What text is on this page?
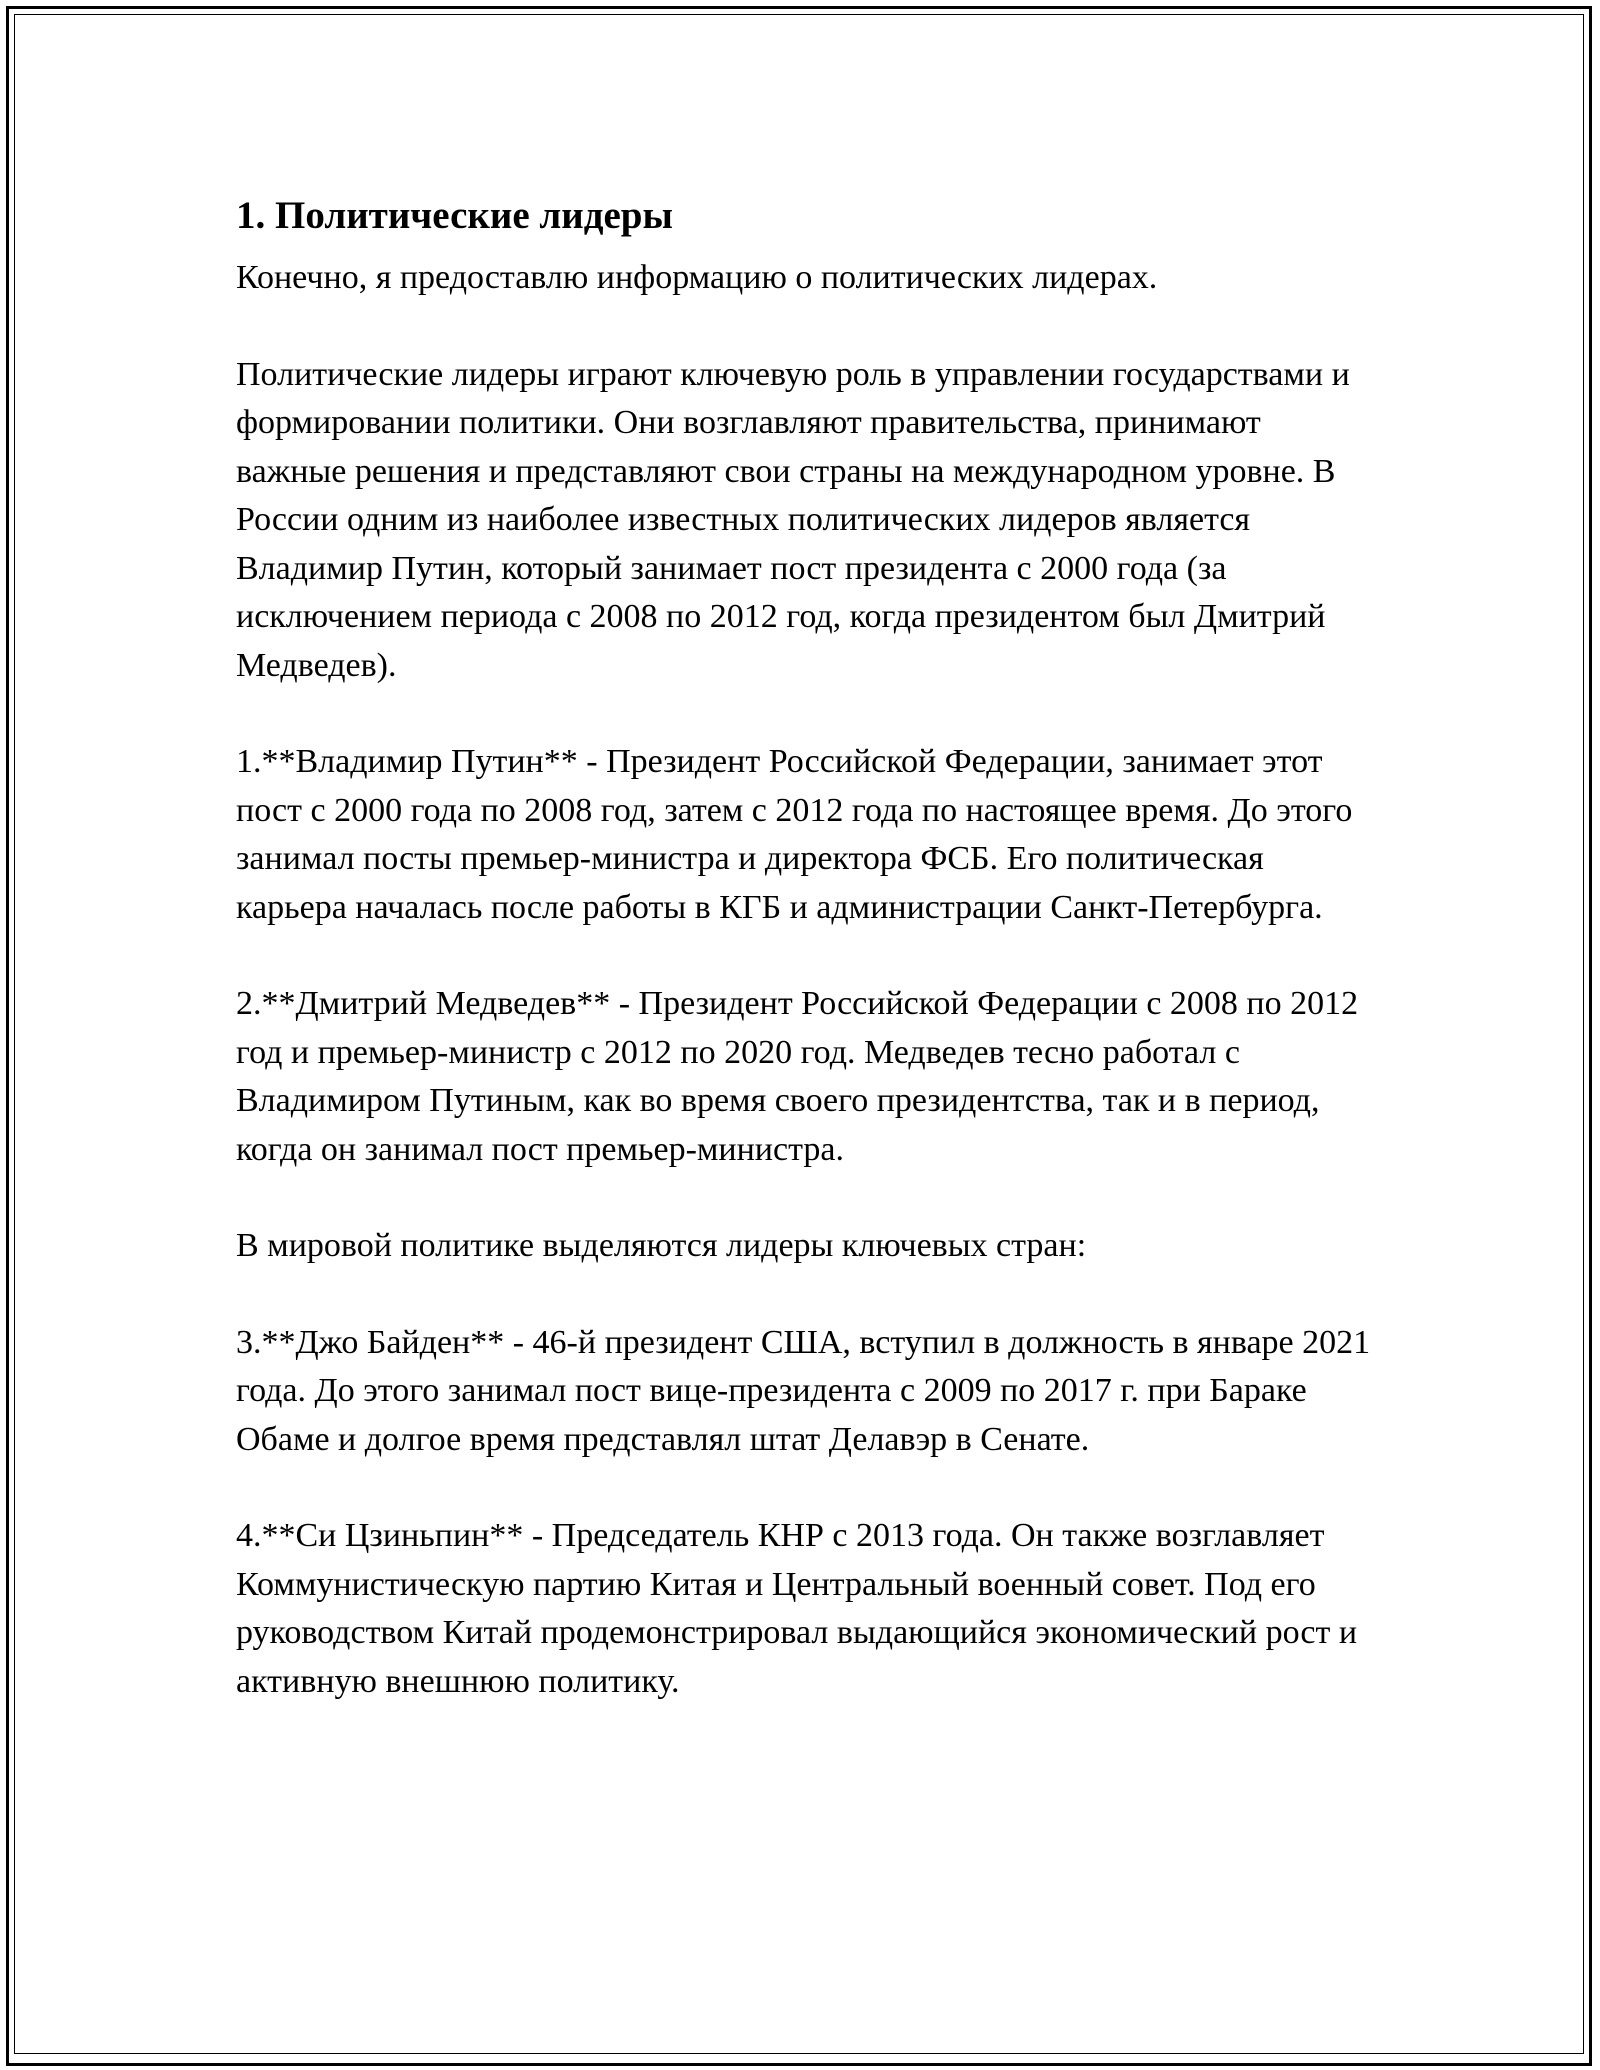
1. Политические лидеры

Конечно, я предоставлю информацию о политических лидерах.

Политические лидеры играют ключевую роль в управлении государствами и формировании политики. Они возглавляют правительства, принимают важные решения и представляют свои страны на международном уровне. В России одним из наиболее известных политических лидеров является Владимир Путин, который занимает пост президента с 2000 года (за исключением периода с 2008 по 2012 год, когда президентом был Дмитрий Медведев).

1.**Владимир Путин** - Президент Российской Федерации, занимает этот пост с 2000 года по 2008 год, затем с 2012 года по настоящее время. До этого занимал посты премьер-министра и директора ФСБ. Его политическая карьера началась после работы в КГБ и администрации Санкт-Петербурга.

2.**Дмитрий Медведев** - Президент Российской Федерации с 2008 по 2012 год и премьер-министр с 2012 по 2020 год. Медведев тесно работал с Владимиром Путиным, как во время своего президентства, так и в период, когда он занимал пост премьер-министра.

В мировой политике выделяются лидеры ключевых стран:

3.**Джо Байден** - 46-й президент США, вступил в должность в январе 2021 года. До этого занимал пост вице-президента с 2009 по 2017 г. при Бараке Обаме и долгое время представлял штат Делавэр в Сенате.

4.**Си Цзиньпин** - Председатель КНР с 2013 года. Он также возглавляет Коммунистическую партию Китая и Центральный военный совет. Под его руководством Китай продемонстрировал выдающийся экономический рост и активную внешнюю политику.
